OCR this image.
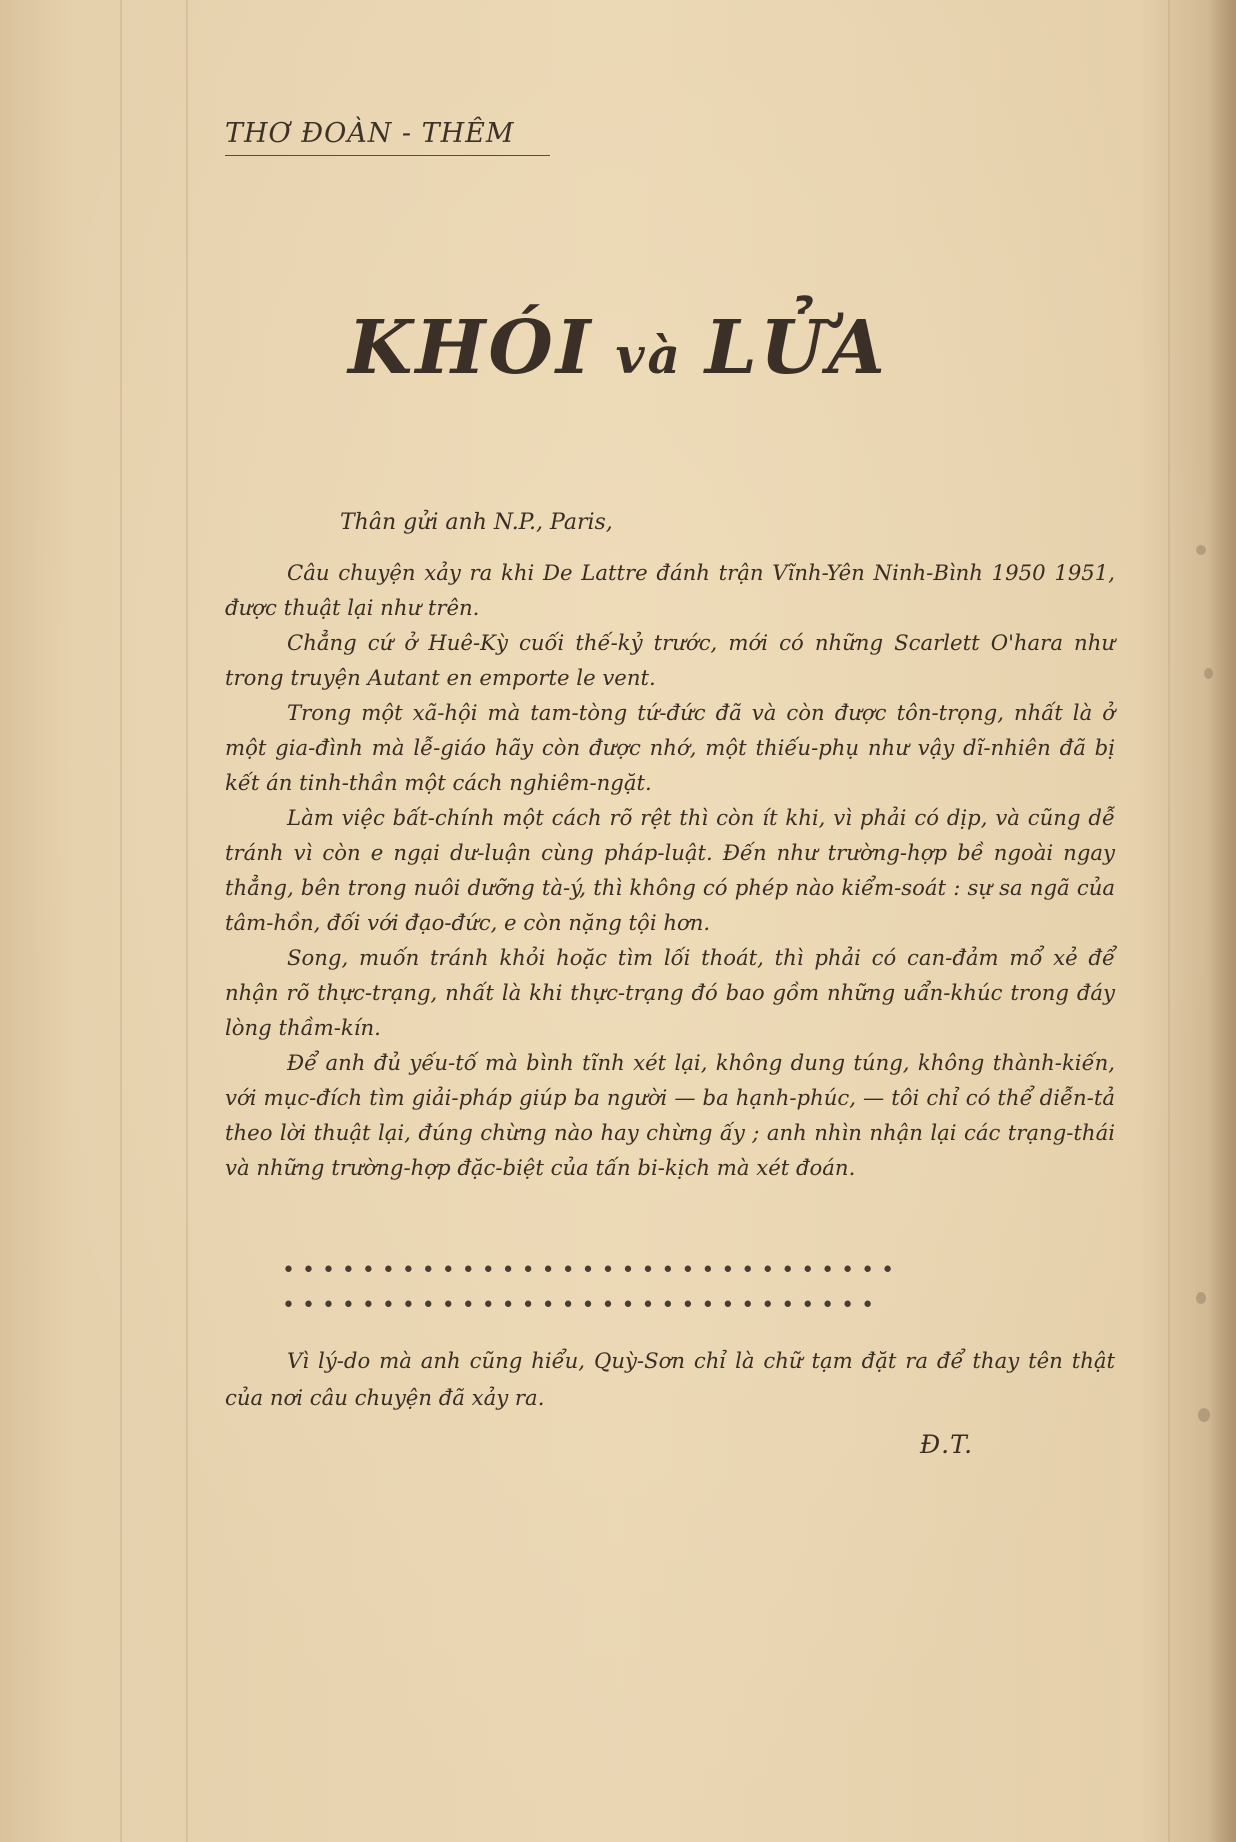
THƠ ĐOÀN - THÊM
KHÓI và LỬA
Thân gửi anh N.P., Paris,

Câu chuyện xảy ra khi De Lattre đánh trận Vĩnh-Yên Ninh-Bình 1950 1951, được thuật lại như trên.

Chẳng cứ ở Huê-Kỳ cuối thế-kỷ trước, mới có những Scarlett O'hara như trong truyện Autant en emporte le vent.

Trong một xã-hội mà tam-tòng tứ-đức đã và còn được tôn-trọng, nhất là ở một gia-đình mà lễ-giáo hãy còn được nhớ, một thiếu-phụ như vậy dĩ-nhiên đã bị kết án tinh-thần một cách nghiêm-ngặt.

Làm việc bất-chính một cách rõ rệt thì còn ít khi, vì phải có dịp, và cũng dễ tránh vì còn e ngại dư-luận cùng pháp-luật. Đến như trường-hợp bề ngoài ngay thẳng, bên trong nuôi dưỡng tà-ý, thì không có phép nào kiểm-soát : sự sa ngã của tâm-hồn, đối với đạo-đức, e còn nặng tội hơn.

Song, muốn tránh khỏi hoặc tìm lối thoát, thì phải có can-đảm mổ xẻ để nhận rõ thực-trạng, nhất là khi thực-trạng đó bao gồm những uẩn-khúc trong đáy lòng thầm-kín.

Để anh đủ yếu-tố mà bình tĩnh xét lại, không dung túng, không thành-kiến, với mục-đích tìm giải-pháp giúp ba người — ba hạnh-phúc, — tôi chỉ có thể diễn-tả theo lời thuật lại, đúng chừng nào hay chừng ấy ; anh nhìn nhận lại các trạng-thái và những trường-hợp đặc-biệt của tấn bi-kịch mà xét đoán.

• • • • • • • • • • • • • • • • • • • • • • • • • • • • • • •
• • • • • • • • • • • • • • • • • • • • • • • • • • • • • •

Vì lý-do mà anh cũng hiểu, Quỳ-Sơn chỉ là chữ tạm đặt ra để thay tên thật của nơi câu chuyện đã xảy ra.

Đ.T.
